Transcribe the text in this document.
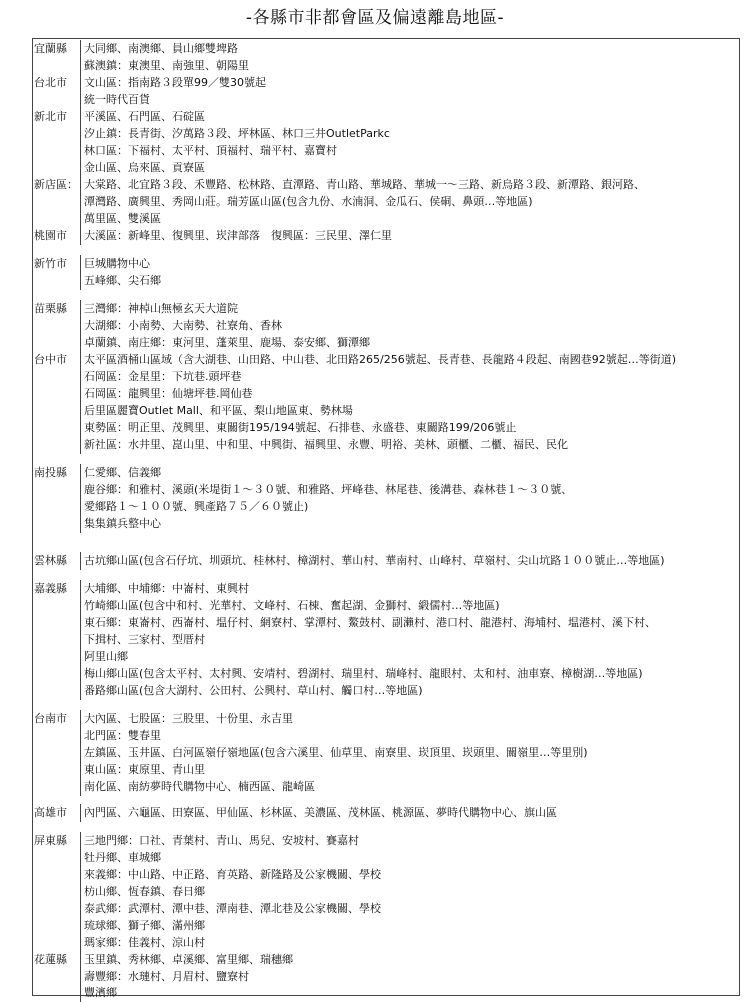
-各縣市非都會區及偏遠離島地區-
宜蘭縣	大同鄉、南澳鄉、員山鄉雙埤路
蘇澳鎮：東澳里、南強里、朝陽里
台北市	文山區：指南路３段單99／雙30號起
統一時代百貨
新北市	平溪區、石門區、石碇區
汐止鎮：長青街、汐萬路３段、坪林區、林口三井OutletParkc
林口區：下福村、太平村、頂福村、瑞平村、嘉寶村
金山區、烏來區、貢寮區
新店區： 大棠路、北宜路３段、禾豐路、松林路、直潭路、青山路、華城路、華城一～三路、新烏路３段、新潭路、銀河路、
潭灣路、廣興里、秀岡山莊。瑞芳區山區(包含九份、水湳洞、金瓜石、侯硐、鼻頭…等地區)
萬里區、雙溪區
桃園市	大溪區：新峰里、復興里、崁津部落　復興區：三民里、澤仁里
新竹市	巨城購物中心
五峰鄉、尖石鄉
苗栗縣	三灣鄉：神棹山無極玄天大道院
大湖鄉：小南勢、大南勢、社寮角、香林
卓蘭鎮、南庄鄉：東河里、蓬萊里、鹿場、泰安鄉、獅潭鄉
台中市	太平區酒桶山區域（含大湖巷、山田路、中山巷、北田路265/256號起、長青巷、長龍路４段起、南國巷92號起…等街道)
石岡區：金星里：下坑巷.頭坪巷
石岡區：龍興里：仙塘坪巷.岡仙巷
后里區麗寶Outlet Mall、和平區、梨山地區東、勢林場
東勢區：明正里、茂興里、東關街195/194號起、石排巷、永盛巷、東關路199/206號止
新社區：水井里、崑山里、中和里、中興街、福興里、永豐、明裕、美林、頭櫃、二櫃、福民、民化
南投縣	仁愛鄉、信義鄉
鹿谷鄉：和雅村、溪頭(米堤街１～３０號、和雅路、坪峰巷、林尾巷、後溝巷、森林巷１～３０號、
愛鄉路１～１００號、興產路７５／６０號止)
集集鎮兵整中心
雲林縣	古坑鄉山區(包含石仔坑、圳頭坑、桂林村、樟湖村、華山村、華南村、山峰村、草嶺村、尖山坑路１００號止…等地區)
嘉義縣	大埔鄉、中埔鄉：中崙村、東興村
竹崎鄉山區(包含中和村、光華村、文峰村、石棟、奮起湖、金獅村、緞儒村…等地區)
東石鄉：東崙村、西崙村、塭仔村、網寮村、掌潭村、鰲鼓村、副瀨村、港口村、龍港村、海埔村、塭港村、溪下村、
下揖村、三家村、型厝村
阿里山鄉
梅山鄉山區(包含太平村、太村興、安靖村、碧湖村、瑞里村、瑞峰村、龍眼村、太和村、油車寮、樟樹湖…等地區)
番路鄉山區(包含大湖村、公田村、公興村、草山村、觸口村…等地區)
台南市	大內區、七股區：三股里、十份里、永吉里
北門區：雙春里
左鎮區、玉井區、白河區嶺仔嶺地區(包含六溪里、仙草里、南寮里、崁頂里、崁頭里、關嶺里…等里別)
東山區：東原里、青山里
南化區、南紡夢時代購物中心、楠西區、龍崎區
高雄市	內門區、六龜區、田寮區、甲仙區、杉林區、美濃區、茂林區、桃源區、夢時代購物中心、旗山區
屏東縣	三地門鄉：口社、青葉村、青山、馬兒、安坡村、賽嘉村
牡丹鄉、車城鄉
來義鄉：中山路、中正路、育英路、新隆路及公家機關、學校
枋山鄉、恆春鎮、春日鄉
泰武鄉：武潭村、潭中巷、潭南巷、潭北巷及公家機關、學校
琉球鄉、獅子鄉、滿州鄉
瑪家鄉：佳義村、涼山村
花蓮縣	玉里鎮、秀林鄉、卓溪鄉、富里鄉、瑞穗鄉
壽豐鄉：水璉村、月眉村、鹽寮村
豐濱鄉
